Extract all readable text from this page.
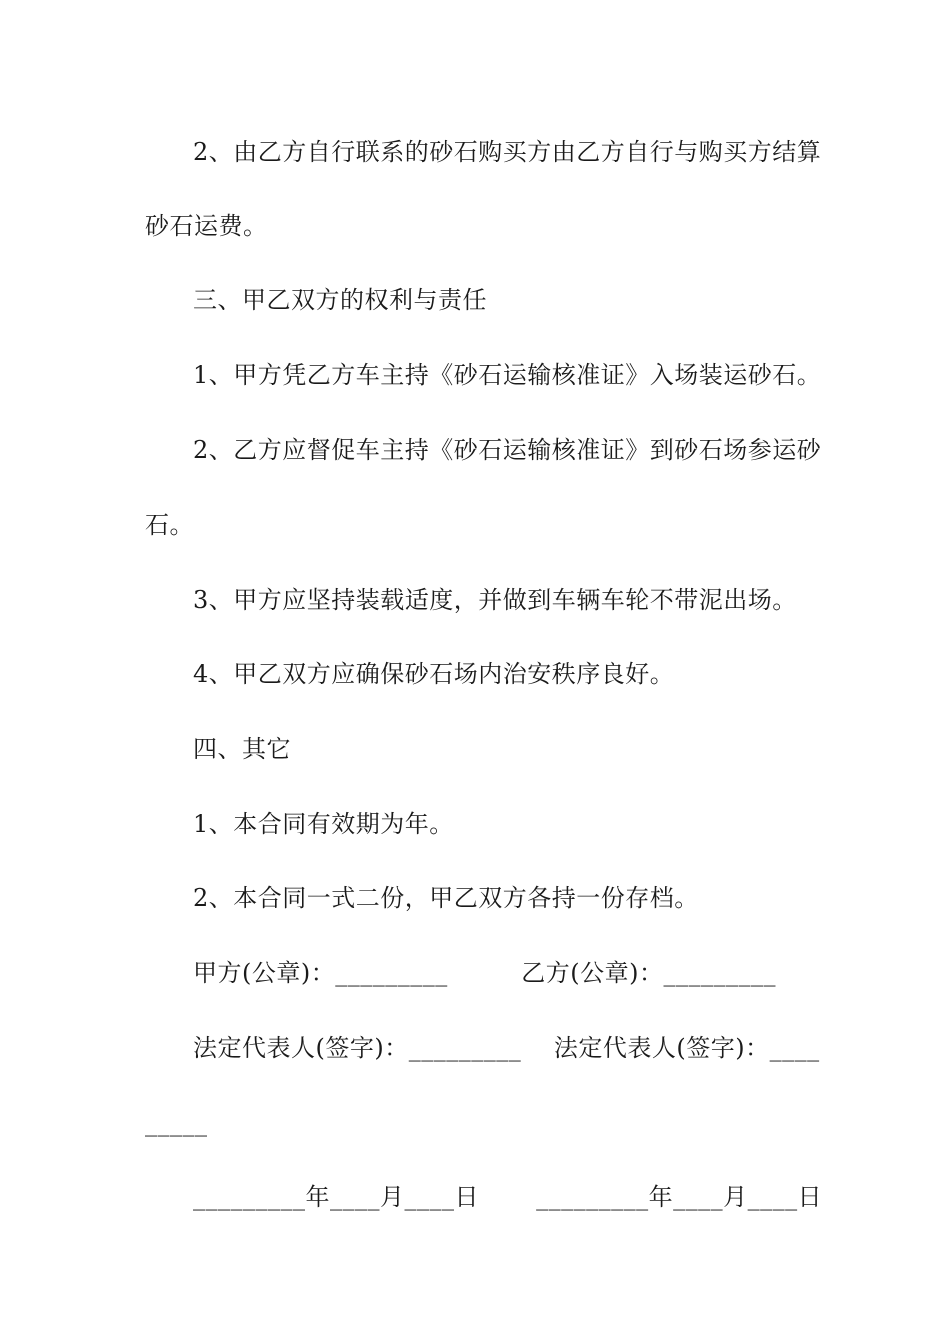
2、由乙方自行联系的砂石购买方由乙方自行与购买方结算
砂石运费。
三、甲乙双方的权利与责任
1、甲方凭乙方车主持《砂石运输核准证》入场装运砂石。
2、乙方应督促车主持《砂石运输核准证》到砂石场参运砂
石。
3、甲方应坚持装载适度，并做到车辆车轮不带泥出场。
4、甲乙双方应确保砂石场内治安秩序良好。
四、其它
1、本合同有效期为年。
2、本合同一式二份，甲乙双方各持一份存档。
甲方(公章)：_________　　　乙方(公章)：_________
法定代表人(签字)：_________　 法定代表人(签字)：____
_____
_________年____月____日　　 _________年____月____日
